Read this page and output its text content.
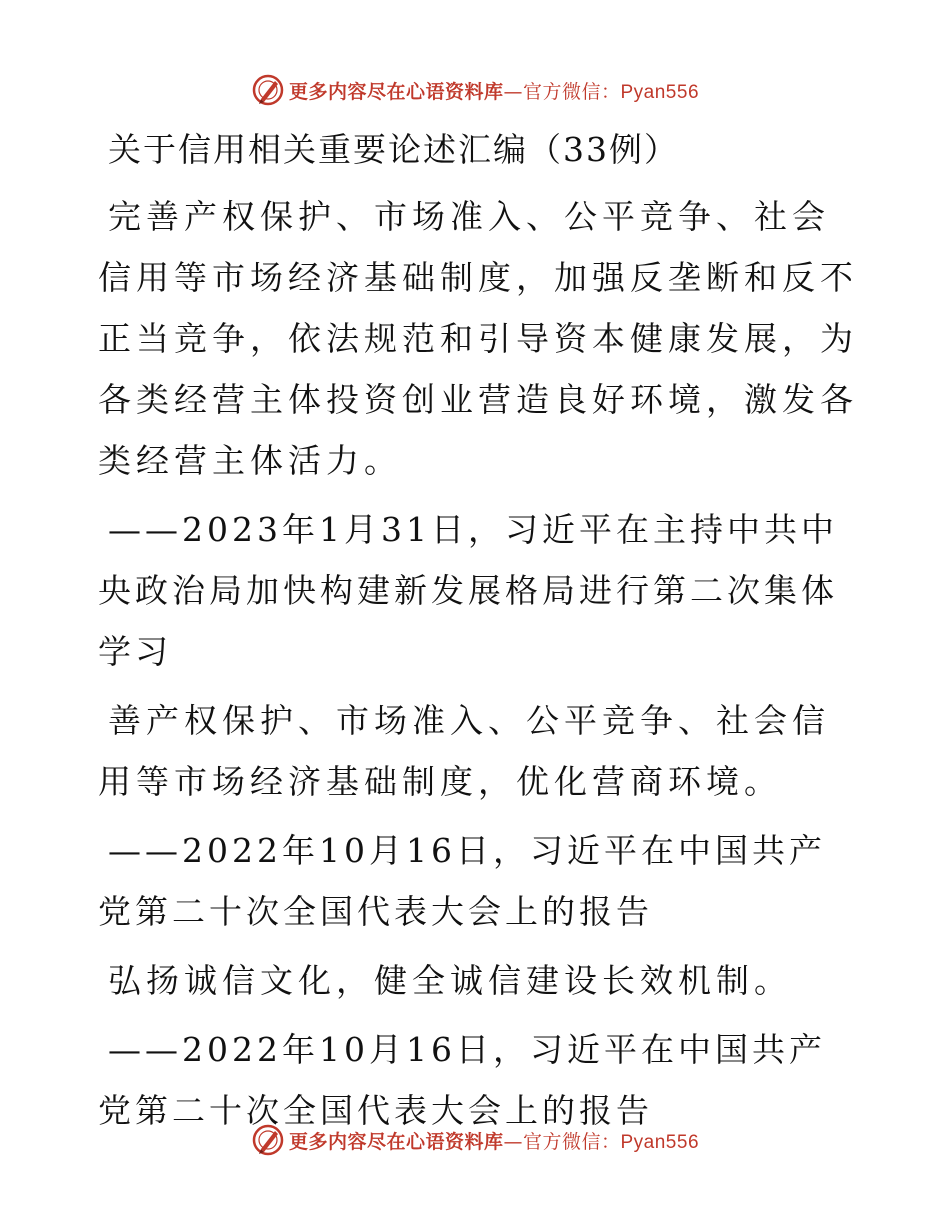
更多内容尽在心语资料库—官方微信：Pyan556
关于信用相关重要论述汇编（33例）
完善产权保护、市场准入、公平竞争、社会信用等市场经济基础制度，加强反垄断和反不正当竞争，依法规范和引导资本健康发展，为各类经营主体投资创业营造良好环境，激发各类经营主体活力。
——2023年1月31日，习近平在主持中共中央政治局加快构建新发展格局进行第二次集体学习
善产权保护、市场准入、公平竞争、社会信用等市场经济基础制度，优化营商环境。
——2022年10月16日，习近平在中国共产党第二十次全国代表大会上的报告
弘扬诚信文化，健全诚信建设长效机制。
——2022年10月16日，习近平在中国共产党第二十次全国代表大会上的报告
更多内容尽在心语资料库—官方微信：Pyan556
